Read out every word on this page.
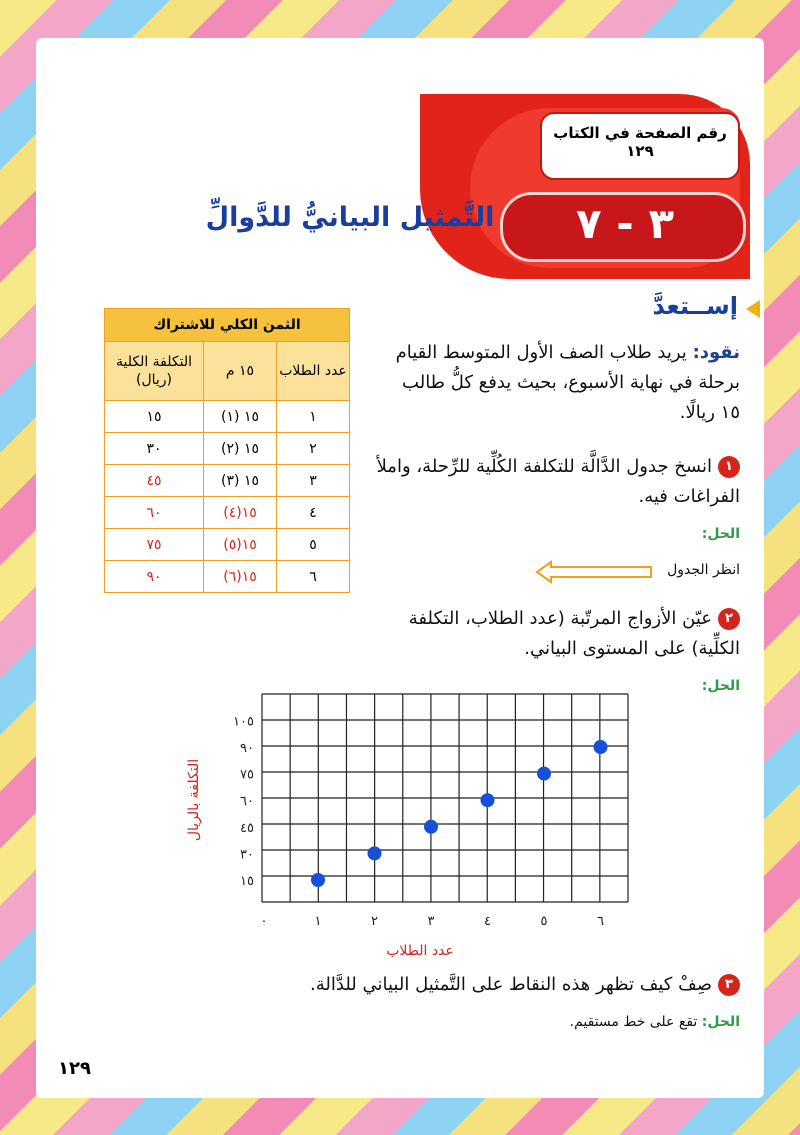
رقم الصفحة في الكتاب
١٢٩
٣ - ٧
التَّمثيل البيانيُّ للدَّوالِّ
إســتعدَّ
نقود: يريد طلاب الصف الأول المتوسط القيام برحلة في نهاية الأسبوع، بحيث يدفع كلُّ طالب ١٥ ريالًا.
١انسخ جدول الدَّالَّة للتكلفة الكُلِّية للرِّحلة، واملأ الفراغات فيه.
الحل:
انظر الجدول
٢عيّن الأزواج المرتّبة (عدد الطلاب، التكلفة الكلِّية) على المستوى البياني.
الحل:
الثمن الكلي للاشتراك		
عدد الطلاب	١٥ م	التكلفة الكلية (ريال)
١	١٥ (١)	١٥
٢	١٥ (٢)	٣٠
٣	١٥ (٣)	٤٥
٤	١٥(٤)	٦٠
٥	١٥(٥)	٧٥
٦	١٥(٦)	٩٠
٠	١	٢	٣	٤	٥	٦
١٥
٣٠
٤٥
٦٠
٧٥
٩٠
١٠٥
عدد الطلاب
التكلفة بالريال
٣صِفْ كيف تظهر هذه النقاط على التَّمثيل البياني للدَّالة.
الحل: تقع على خط مستقيم.
١٢٩
